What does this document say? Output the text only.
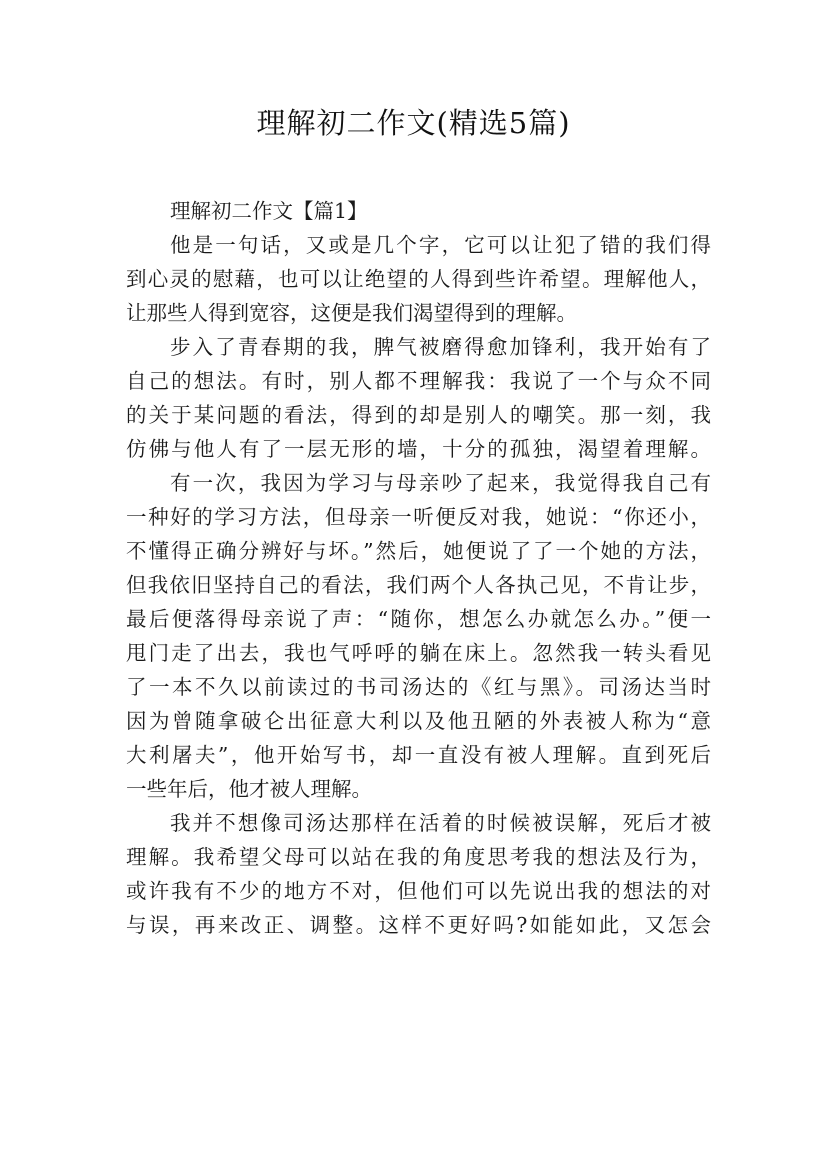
理解初二作文(精选5篇)
理解初二作文【篇1】
他是一句话，又或是几个字，它可以让犯了错的我们得
到心灵的慰藉，也可以让绝望的人得到些许希望。理解他人，
让那些人得到宽容，这便是我们渴望得到的理解。
步入了青春期的我，脾气被磨得愈加锋利，我开始有了
自己的想法。有时，别人都不理解我：我说了一个与众不同
的关于某问题的看法，得到的却是别人的嘲笑。那一刻，我
仿佛与他人有了一层无形的墙，十分的孤独，渴望着理解。
有一次，我因为学习与母亲吵了起来，我觉得我自己有
一种好的学习方法，但母亲一听便反对我，她说：“你还小，
不懂得正确分辨好与坏。”然后，她便说了了一个她的方法，
但我依旧坚持自己的看法，我们两个人各执己见，不肯让步，
最后便落得母亲说了声：“随你，想怎么办就怎么办。”便一
甩门走了出去，我也气呼呼的躺在床上。忽然我一转头看见
了一本不久以前读过的书司汤达的《红与黑》。司汤达当时
因为曾随拿破仑出征意大利以及他丑陋的外表被人称为“意
大利屠夫”，他开始写书，却一直没有被人理解。直到死后
一些年后，他才被人理解。
我并不想像司汤达那样在活着的时候被误解，死后才被
理解。我希望父母可以站在我的角度思考我的想法及行为，
或许我有不少的地方不对，但他们可以先说出我的想法的对
与误，再来改正、调整。这样不更好吗?如能如此，又怎会
